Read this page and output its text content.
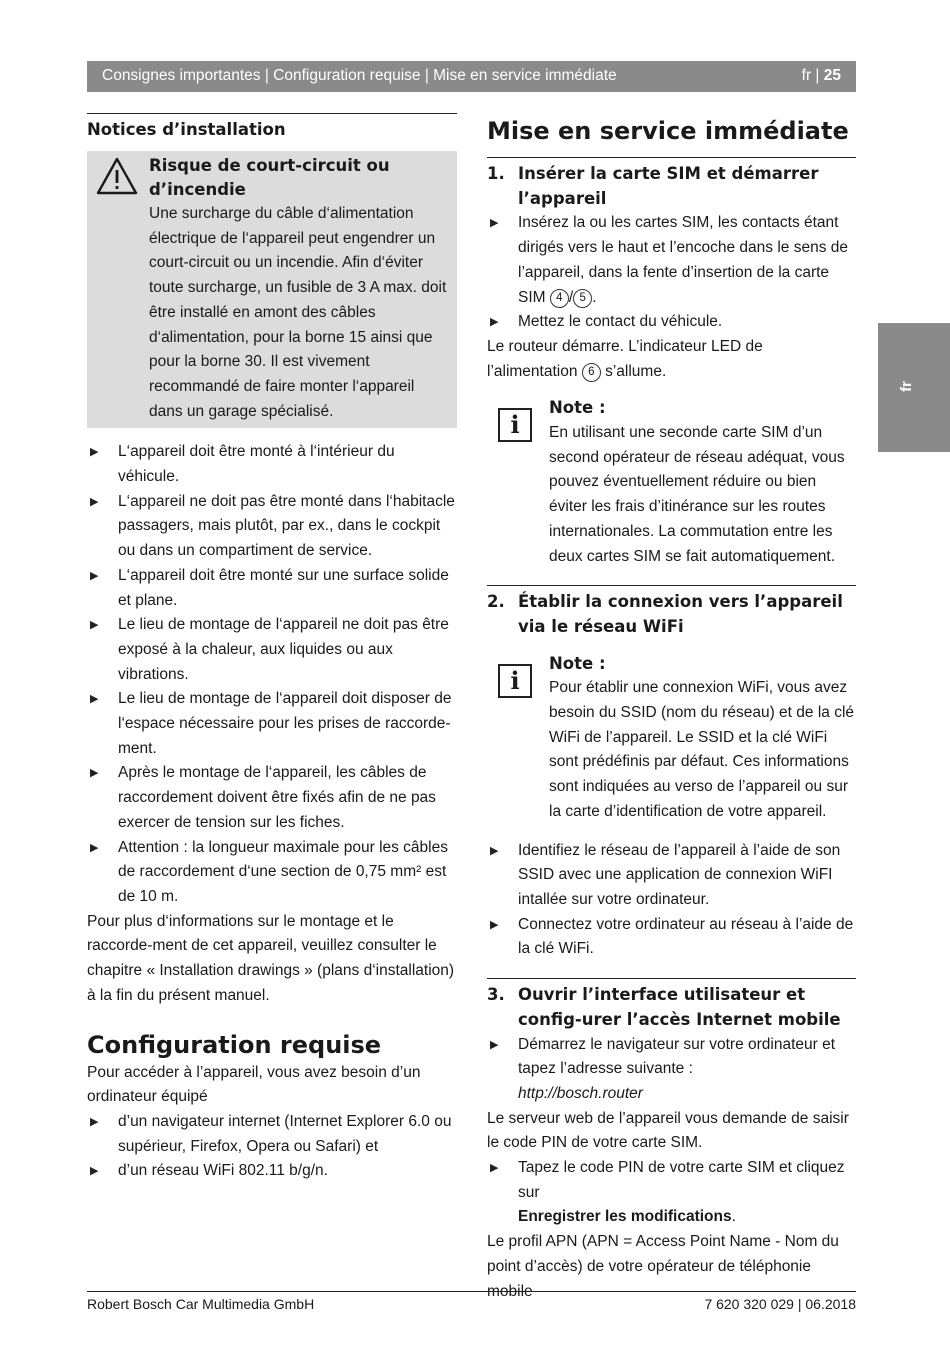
Consignes importantes | Configuration requise | Mise en service immédiate	fr | 25
fr
Notices d’installation
Risque de court-circuit ou d’incendie
Une surcharge du câble d‘alimentation électrique de l‘appareil peut engendrer un court-circuit ou un incendie. Afin d‘éviter toute surcharge, un fusible de 3 A max. doit être installé en amont des câbles d‘alimentation, pour la borne 15 ainsi que pour la borne 30. Il est vivement recommandé de faire monter l‘appareil dans un garage spécialisé.
▶ L‘appareil doit être monté à l‘intérieur du véhicule.
▶ L‘appareil ne doit pas être monté dans l‘habitacle passagers, mais plutôt, par ex., dans le cockpit ou dans un compartiment de service.
▶ L‘appareil doit être monté sur une surface solide et plane.
▶ Le lieu de montage de l‘appareil ne doit pas être exposé à la chaleur, aux liquides ou aux vibrations.
▶ Le lieu de montage de l‘appareil doit disposer de l‘espace nécessaire pour les prises de raccorde-ment.
▶ Après le montage de l‘appareil, les câbles de raccordement doivent être fixés afin de ne pas exercer de tension sur les fiches.
▶ Attention : la longueur maximale pour les câbles de raccordement d‘une section de 0,75 mm² est de 10 m.
Pour plus d‘informations sur le montage et le raccorde-ment de cet appareil, veuillez consulter le chapitre « Installation drawings » (plans d‘installation) à la fin du présent manuel.
Configuration requise
Pour accéder à l’appareil, vous avez besoin d’un ordinateur équipé
▶ d’un navigateur internet (Internet Explorer 6.0 ou supérieur, Firefox, Opera ou Safari) et
▶ d’un réseau WiFi 802.11 b/g/n.
Mise en service immédiate
1. Insérer la carte SIM et démarrer l’appareil
▶ Insérez la ou les cartes SIM, les contacts étant dirigés vers le haut et l’encoche dans le sens de l’appareil, dans la fente d’insertion de la carte SIM 4 / 5 .
▶ Mettez le contact du véhicule.
Le routeur démarre. L’indicateur LED de l’alimentation 6 s’allume.
i
Note :
En utilisant une seconde carte SIM d’un second opérateur de réseau adéquat, vous pouvez éventuellement réduire ou bien éviter les frais d’itinérance sur les routes internationales. La commutation entre les deux cartes SIM se fait automatiquement.
2. Établir la connexion vers l’appareil via le réseau WiFi
i
Note :
Pour établir une connexion WiFi, vous avez besoin du SSID (nom du réseau) et de la clé WiFi de l’appareil. Le SSID et la clé WiFi sont prédéfinis par défaut. Ces informations sont indiquées au verso de l’appareil ou sur la carte d’identification de votre appareil.
▶ Identifiez le réseau de l’appareil à l’aide de son SSID avec une application de connexion WiFI intallée sur votre ordinateur.
▶ Connectez votre ordinateur au réseau à l’aide de la clé WiFi.
3. Ouvrir l’interface utilisateur et config-urer l’accès Internet mobile
▶ Démarrez le navigateur sur votre ordinateur et tapez l’adresse suivante :
http://bosch.router
Le serveur web de l’appareil vous demande de saisir le code PIN de votre carte SIM.
▶ Tapez le code PIN de votre carte SIM et cliquez sur
Enregistrer les modifications.
Le profil APN (APN = Access Point Name - Nom du point d’accès) de votre opérateur de téléphonie mobile
Robert Bosch Car Multimedia GmbH	7 620 320 029 | 06.2018
